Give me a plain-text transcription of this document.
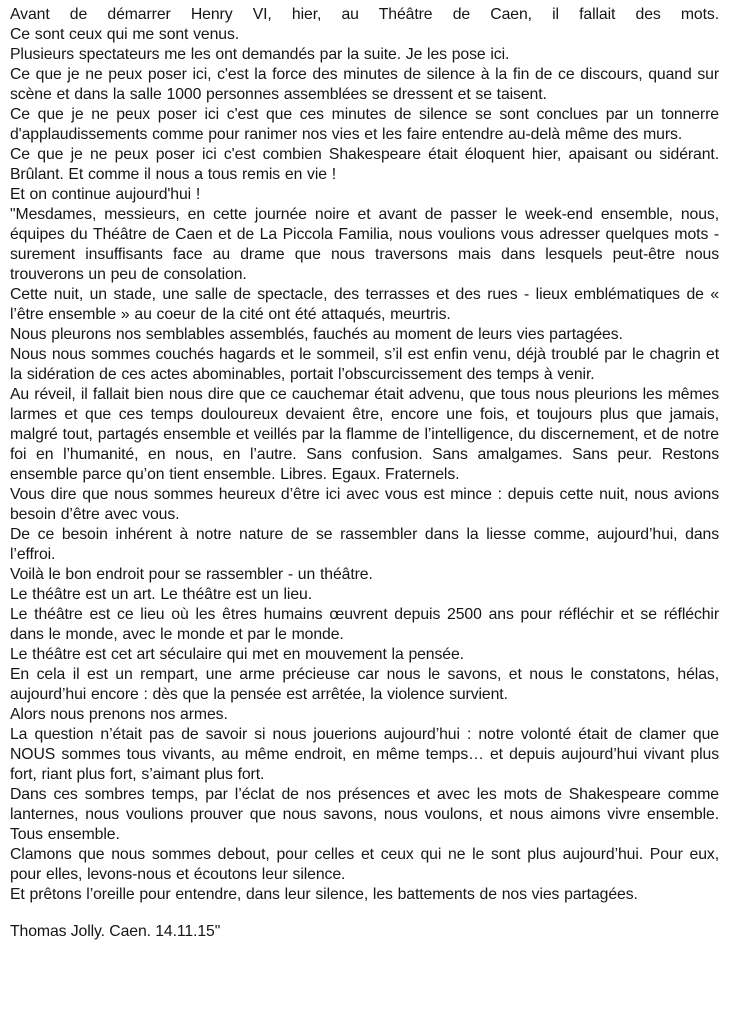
Avant de démarrer Henry VI, hier, au Théâtre de Caen, il fallait des mots.

Ce sont ceux qui me sont venus.

Plusieurs spectateurs me les ont demandés par la suite. Je les pose ici.

Ce que je ne peux poser ici, c'est la force des minutes de silence à la fin de ce discours, quand sur scène et dans la salle 1000 personnes assemblées se dressent et se taisent.

Ce que je ne peux poser ici c'est que ces minutes de silence se sont conclues par un tonnerre d'applaudissements comme pour ranimer nos vies et les faire entendre au-delà même des murs.

Ce que je ne peux poser ici c'est combien Shakespeare était éloquent hier, apaisant ou sidérant. Brûlant. Et comme il nous a tous remis en vie !

Et on continue aujourd'hui !

"Mesdames, messieurs, en cette journée noire et avant de passer le week-end ensemble, nous, équipes du Théâtre de Caen et de La Piccola Familia, nous voulions vous adresser quelques mots - surement insuffisants face au drame que nous traversons mais dans lesquels peut-être nous trouverons un peu de consolation.

Cette nuit, un stade, une salle de spectacle, des terrasses et des rues - lieux emblématiques de « l’être ensemble » au coeur de la cité ont été attaqués, meurtris.

Nous pleurons nos semblables assemblés, fauchés au moment de leurs vies partagées.

Nous nous sommes couchés hagards et le sommeil, s’il est enfin venu, déjà troublé par le chagrin et la sidération de ces actes abominables, portait l’obscurcissement des temps à venir.

Au réveil, il fallait bien nous dire que ce cauchemar était advenu, que tous nous pleurions les mêmes larmes et que ces temps douloureux devaient être, encore une fois, et toujours plus que jamais, malgré tout, partagés ensemble et veillés par la flamme de l’intelligence, du discernement, et de notre foi en l’humanité, en nous, en l’autre. Sans confusion. Sans amalgames. Sans peur. Restons ensemble parce qu’on tient ensemble. Libres. Egaux. Fraternels.

Vous dire que nous sommes heureux d’être ici avec vous est mince : depuis cette nuit, nous avions besoin d’être avec vous.

De ce besoin inhérent à notre nature de se rassembler dans la liesse comme, aujourd’hui, dans l’effroi.

Voilà le bon endroit pour se rassembler - un théâtre.

Le théâtre est un art. Le théâtre est un lieu.

Le théâtre est ce lieu où les êtres humains œuvrent depuis 2500 ans pour réfléchir et se réfléchir dans le monde, avec le monde et par le monde.

Le théâtre est cet art séculaire qui met en mouvement la pensée.

En cela il est un rempart, une arme précieuse car nous le savons, et nous le constatons, hélas, aujourd’hui encore : dès que la pensée est arrêtée, la violence survient.

Alors nous prenons nos armes.

La question n’était pas de savoir si nous jouerions aujourd’hui : notre volonté était de clamer que NOUS sommes tous vivants, au même endroit, en même temps… et depuis aujourd’hui vivant plus fort, riant plus fort, s’aimant plus fort.

Dans ces sombres temps, par l’éclat de nos présences et avec les mots de Shakespeare comme lanternes, nous voulions prouver que nous savons, nous voulons, et nous aimons vivre ensemble. Tous ensemble.

Clamons que nous sommes debout, pour celles et ceux qui ne le sont plus aujourd’hui. Pour eux, pour elles, levons-nous et écoutons leur silence.

Et prêtons l’oreille pour entendre, dans leur silence, les battements de nos vies partagées.

Thomas Jolly. Caen. 14.11.15"
